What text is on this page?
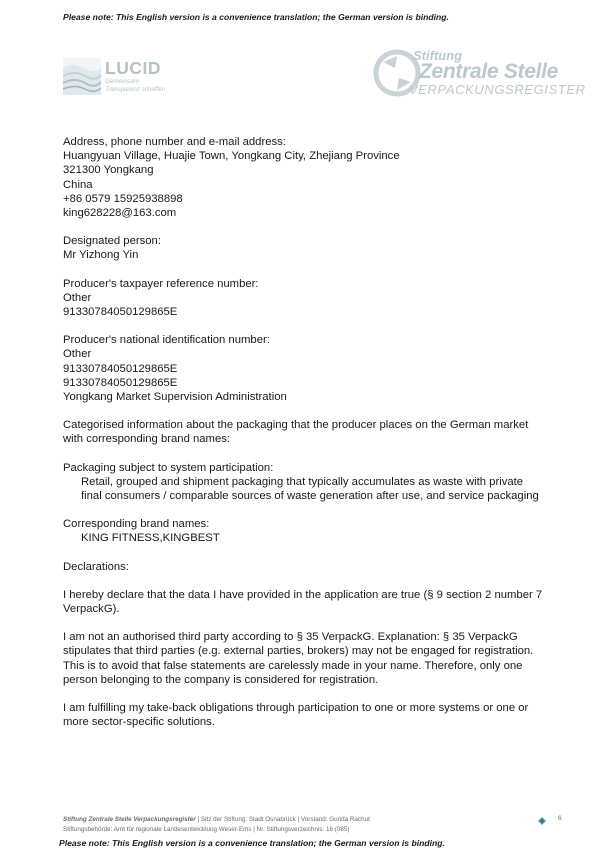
Please note: This English version is a convenience translation; the German version is binding.
LUCID
Gemeinsam
Transparenz schaffen
Stiftung
Zentrale Stelle
VERPACKUNGSREGISTER
Address, phone number and e-mail address:
Huangyuan Village, Huajie Town, Yongkang City, Zhejiang Province
321300 Yongkang
China
+86 0579 15925938898
king628228@163.com
Designated person:
Mr Yizhong Yin
Producer's taxpayer reference number:
Other
91330784050129865E
Producer's national identification number:
Other
91330784050129865E
91330784050129865E
Yongkang Market Supervision Administration
Categorised information about the packaging that the producer places on the German market
with corresponding brand names:
Packaging subject to system participation:
Retail, grouped and shipment packaging that typically accumulates as waste with private
final consumers / comparable sources of waste generation after use, and service packaging
Corresponding brand names:
KING FITNESS,KINGBEST
Declarations:
I hereby declare that the data I have provided in the application are true (§ 9 section 2 number 7
VerpackG).
I am not an authorised third party according to § 35 VerpackG. Explanation: § 35 VerpackG
stipulates that third parties (e.g. external parties, brokers) may not be engaged for registration.
This is to avoid that false statements are carelessly made in your name. Therefore, only one
person belonging to the company is considered for registration.
I am fulfilling my take-back obligations through participation to one or more systems or one or
more sector-specific solutions.
Stiftung Zentrale Stelle Verpackungsregister | Sitz der Stiftung: Stadt Osnabrück | Vorstand: Gunda Rachut
Stiftungsbehörde: Amt für regionale Landesentwicklung Weser-Ems | Nr. Stiftungsverzeichnis: 16 (085)
6
Please note: This English version is a convenience translation; the German version is binding.
